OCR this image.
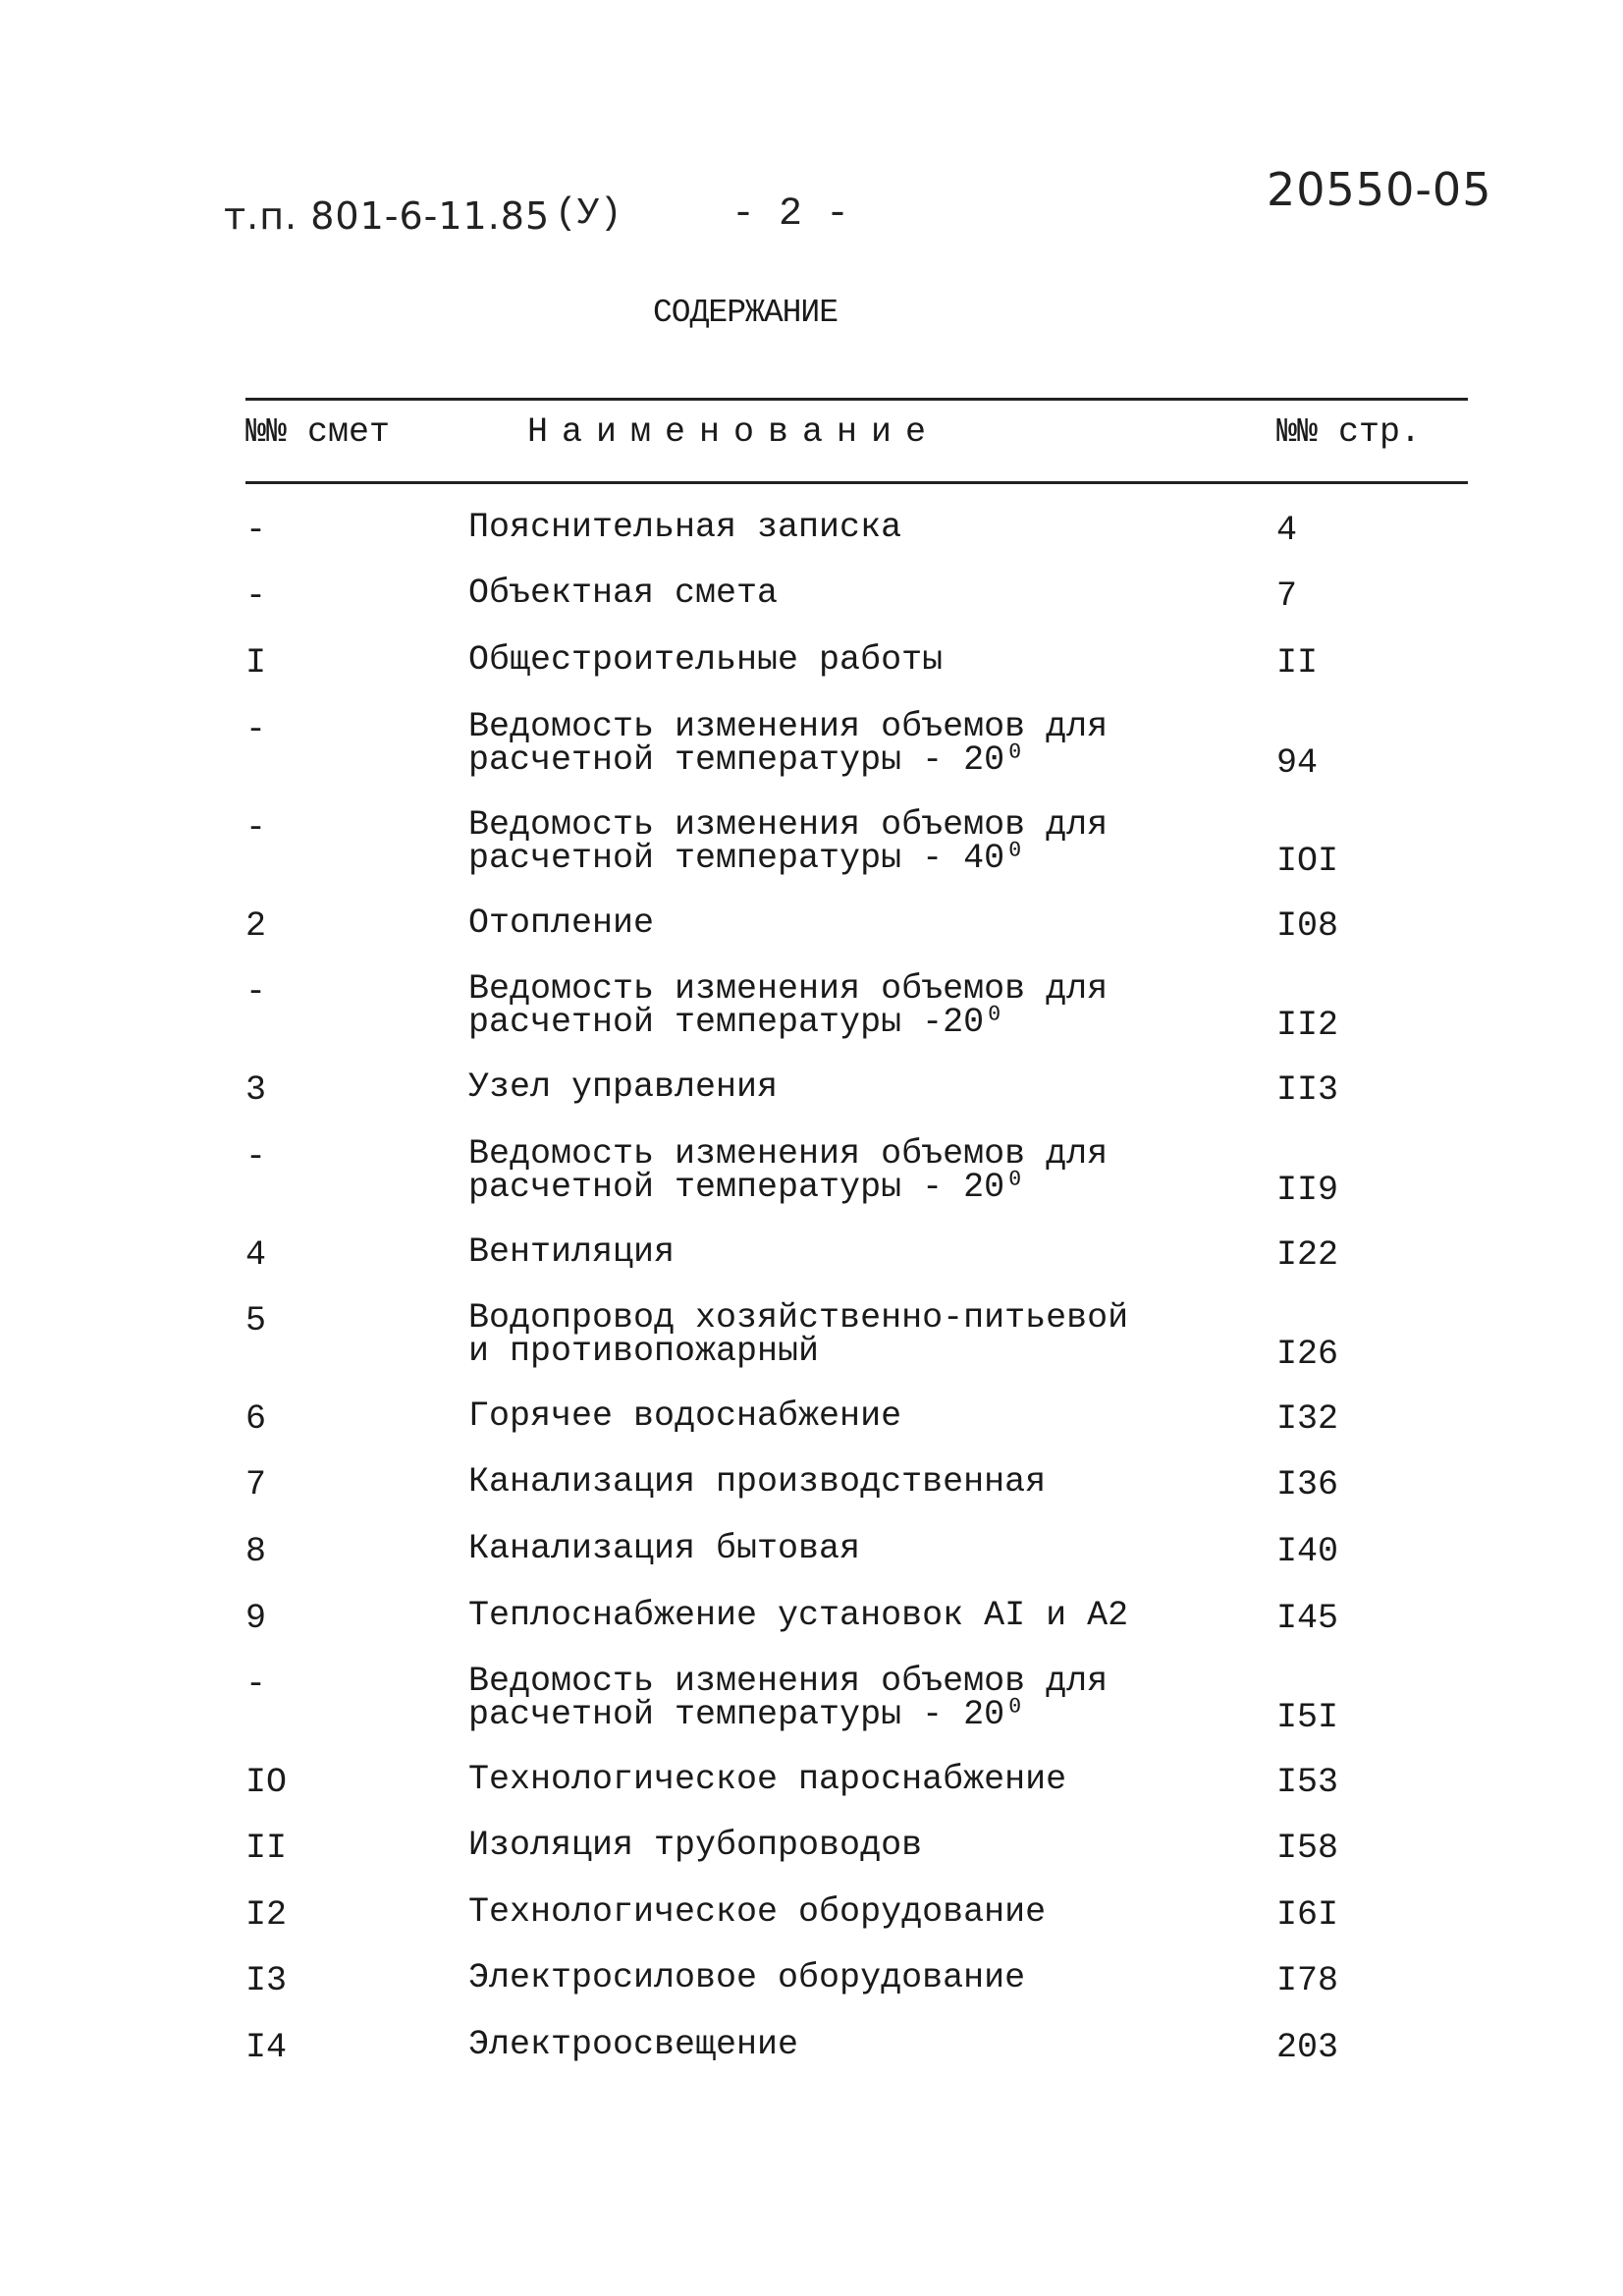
т.п. 801-6-11.85 (У)	- 2 -	20550-05
СОДЕРЖАНИЕ
№№ смет	Наименование	№№ стр.
-	Пояснительная записка	4
-	Объектная смета	7
I	Общестроительные работы	II
-	Ведомость изменения объемов для
расчетной температуры - 20⁰	94
-	Ведомость изменения объемов для
расчетной температуры - 40⁰	IOI
2	Отопление	I08
-	Ведомость изменения объемов для
расчетной температуры -20⁰	II2
3	Узел управления	II3
-	Ведомость изменения объемов для
расчетной температуры - 20⁰	II9
4	Вентиляция	I22
5	Водопровод хозяйственно-питьевой
и противопожарный	I26
6	Горячее водоснабжение	I32
7	Канализация производственная	I36
8	Канализация бытовая	I40
9	Теплоснабжение установок АI и А2	I45
-	Ведомость изменения объемов для
расчетной температуры - 20⁰	I5I
IO	Технологическое пароснабжение	I53
II	Изоляция трубопроводов	I58
I2	Технологическое оборудование	I6I
I3	Электросиловое оборудование	I78
I4	Электроосвещение	203
